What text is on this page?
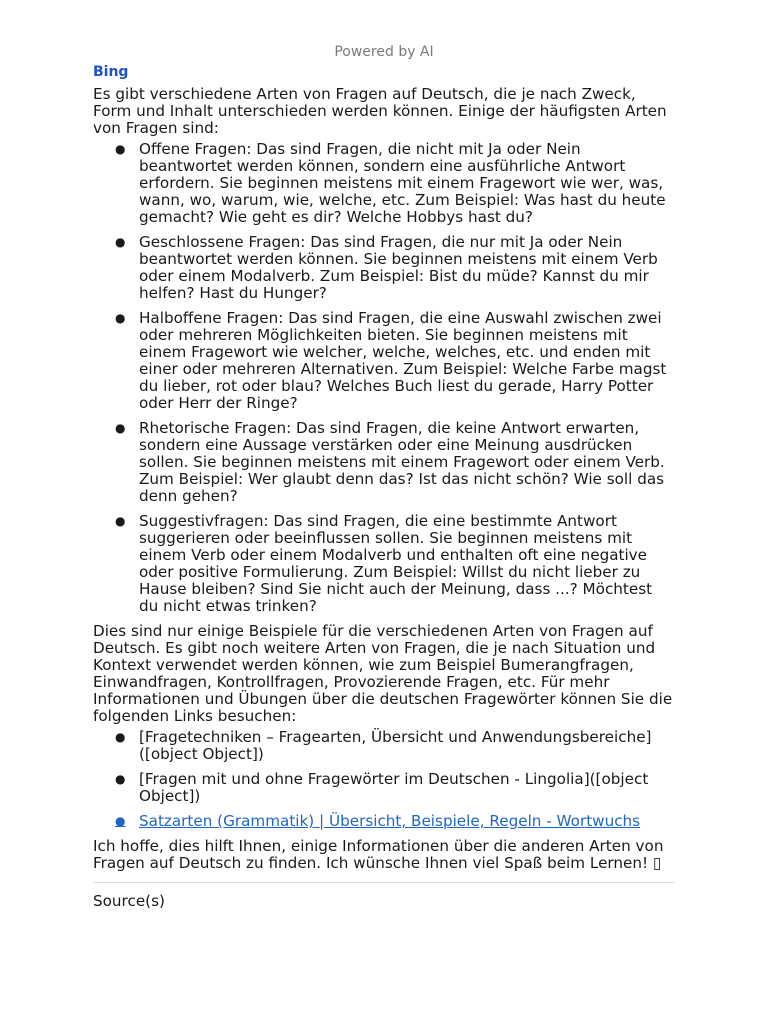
Powered by AI
Bing

Es gibt verschiedene Arten von Fragen auf Deutsch, die je nach Zweck, Form und Inhalt unterschieden werden können. Einige der häufigsten Arten von Fragen sind:

● Offene Fragen: Das sind Fragen, die nicht mit Ja oder Nein beantwortet werden können, sondern eine ausführliche Antwort erfordern. Sie beginnen meistens mit einem Fragewort wie wer, was, wann, wo, warum, wie, welche, etc. Zum Beispiel: Was hast du heute gemacht? Wie geht es dir? Welche Hobbys hast du?
● Geschlossene Fragen: Das sind Fragen, die nur mit Ja oder Nein beantwortet werden können. Sie beginnen meistens mit einem Verb oder einem Modalverb. Zum Beispiel: Bist du müde? Kannst du mir helfen? Hast du Hunger?
● Halboffene Fragen: Das sind Fragen, die eine Auswahl zwischen zwei oder mehreren Möglichkeiten bieten. Sie beginnen meistens mit einem Fragewort wie welcher, welche, welches, etc. und enden mit einer oder mehreren Alternativen. Zum Beispiel: Welche Farbe magst du lieber, rot oder blau? Welches Buch liest du gerade, Harry Potter oder Herr der Ringe?
● Rhetorische Fragen: Das sind Fragen, die keine Antwort erwarten, sondern eine Aussage verstärken oder eine Meinung ausdrücken sollen. Sie beginnen meistens mit einem Fragewort oder einem Verb. Zum Beispiel: Wer glaubt denn das? Ist das nicht schön? Wie soll das denn gehen?
● Suggestivfragen: Das sind Fragen, die eine bestimmte Antwort suggerieren oder beeinflussen sollen. Sie beginnen meistens mit einem Verb oder einem Modalverb und enthalten oft eine negative oder positive Formulierung. Zum Beispiel: Willst du nicht lieber zu Hause bleiben? Sind Sie nicht auch der Meinung, dass ...? Möchtest du nicht etwas trinken?

Dies sind nur einige Beispiele für die verschiedenen Arten von Fragen auf Deutsch. Es gibt noch weitere Arten von Fragen, die je nach Situation und Kontext verwendet werden können, wie zum Beispiel Bumerangfragen, Einwandfragen, Kontrollfragen, Provozierende Fragen, etc. Für mehr Informationen und Übungen über die deutschen Fragewörter können Sie die folgenden Links besuchen:

● [Fragetechniken – Fragearten, Übersicht und Anwendungsbereiche]([object Object])
● [Fragen mit und ohne Fragewörter im Deutschen - Lingolia]([object Object])
● Satzarten (Grammatik) | Übersicht, Beispiele, Regeln - Wortwuchs

Ich hoffe, dies hilft Ihnen, einige Informationen über die anderen Arten von Fragen auf Deutsch zu finden. Ich wünsche Ihnen viel Spaß beim Lernen! ▯

Source(s)
